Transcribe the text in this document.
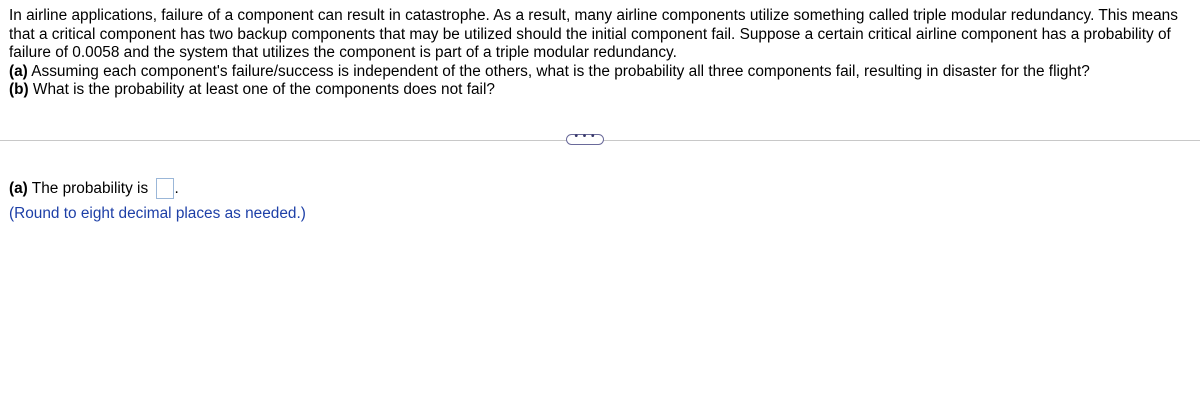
In airline applications, failure of a component can result in catastrophe. As a result, many airline components utilize something called triple modular redundancy. This means that a critical component has two backup components that may be utilized should the initial component fail. Suppose a certain critical airline component has a probability of failure of 0.0058 and the system that utilizes the component is part of a triple modular redundancy.

(a) Assuming each component's failure/success is independent of the others, what is the probability all three components fail, resulting in disaster for the flight?

(b) What is the probability at least one of the components does not fail?

• • •
(a) The probability is .
(Round to eight decimal places as needed.)
